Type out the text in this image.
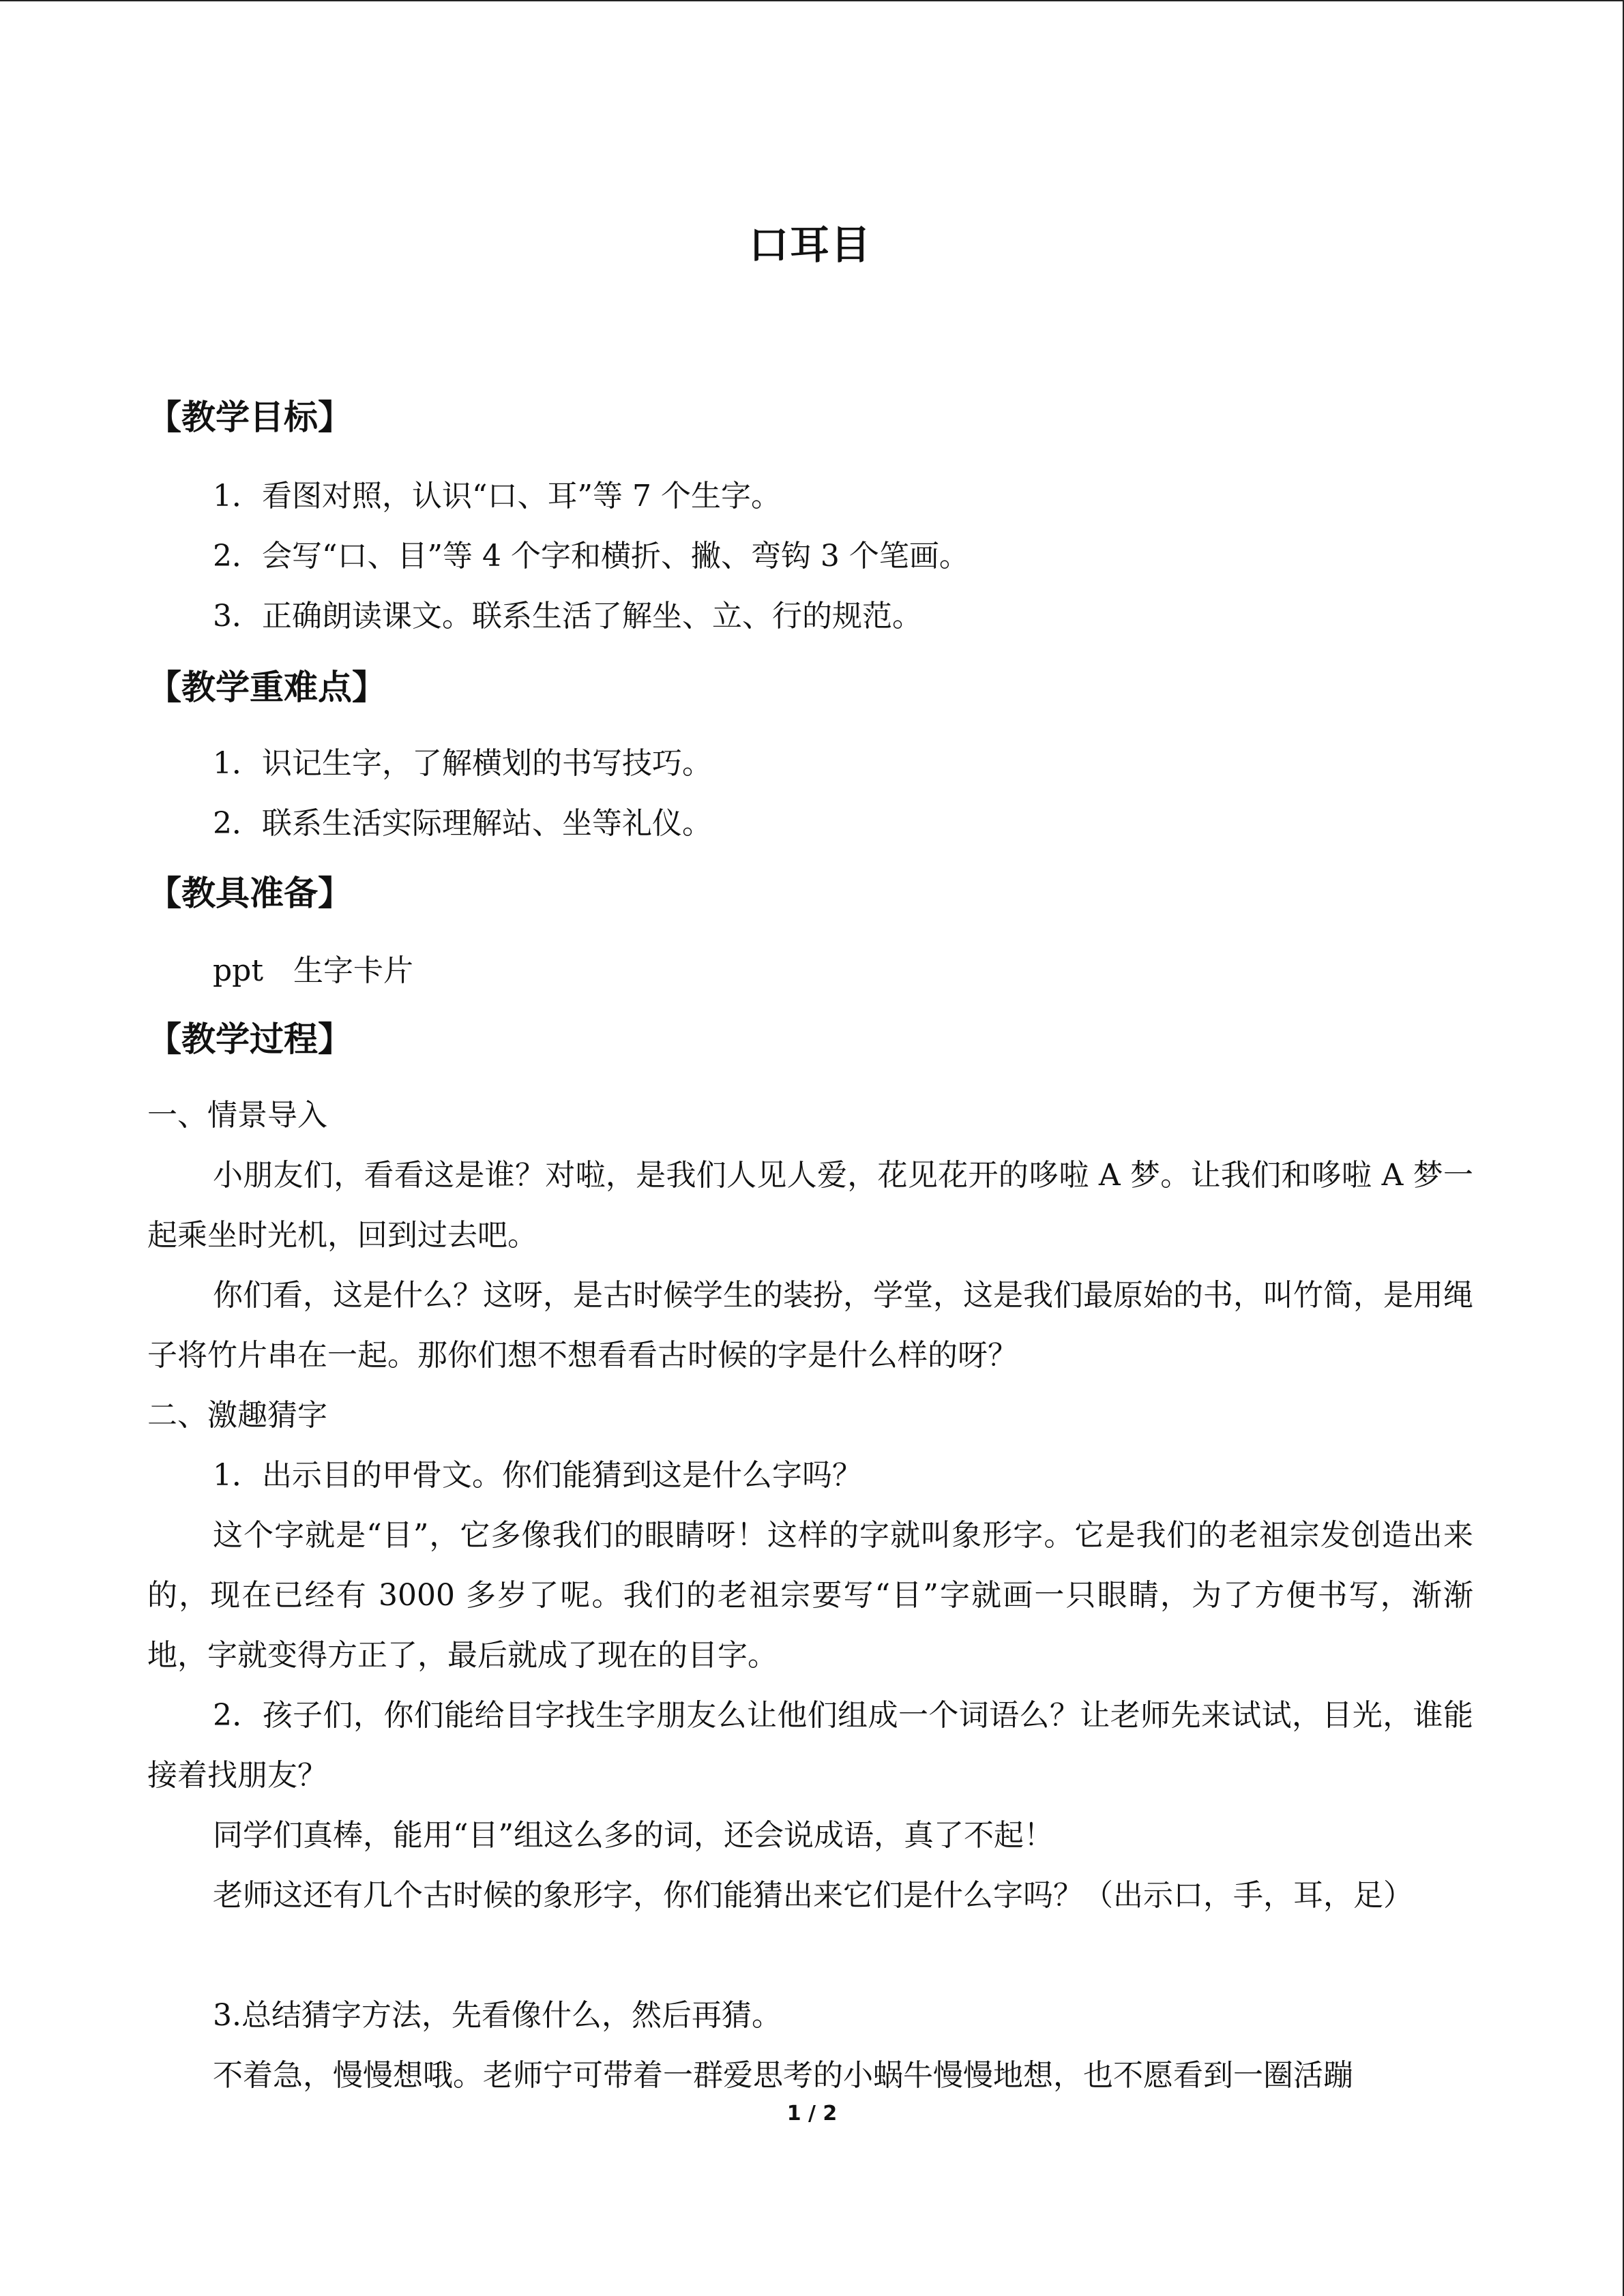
口耳目
【教学目标】
1．看图对照，认识“口、耳”等 7 个生字。
2．会写“口、目”等 4 个字和横折、撇、弯钩 3 个笔画。
3．正确朗读课文。联系生活了解坐、立、行的规范。
【教学重难点】
1．识记生字，了解横划的书写技巧。
2．联系生活实际理解站、坐等礼仪。
【教具准备】
ppt　生字卡片
【教学过程】
一、情景导入
小朋友们，看看这是谁？对啦，是我们人见人爱，花见花开的哆啦 A 梦。让我们和哆啦 A 梦一起乘坐时光机，回到过去吧。
你们看，这是什么？这呀，是古时候学生的装扮，学堂，这是我们最原始的书，叫竹简，是用绳子将竹片串在一起。那你们想不想看看古时候的字是什么样的呀？
二、激趣猜字
1．出示目的甲骨文。你们能猜到这是什么字吗？
这个字就是“目”，它多像我们的眼睛呀！这样的字就叫象形字。它是我们的老祖宗发创造出来的，现在已经有 3000 多岁了呢。我们的老祖宗要写“目”字就画一只眼睛，为了方便书写，渐渐地，字就变得方正了，最后就成了现在的目字。
2．孩子们，你们能给目字找生字朋友么让他们组成一个词语么？让老师先来试试，目光，谁能接着找朋友？
同学们真棒，能用“目”组这么多的词，还会说成语，真了不起！
老师这还有几个古时候的象形字，你们能猜出来它们是什么字吗？（出示口，手，耳，足）
3.总结猜字方法，先看像什么，然后再猜。
不着急，慢慢想哦。老师宁可带着一群爱思考的小蜗牛慢慢地想，也不愿看到一圈活蹦
1 / 2
